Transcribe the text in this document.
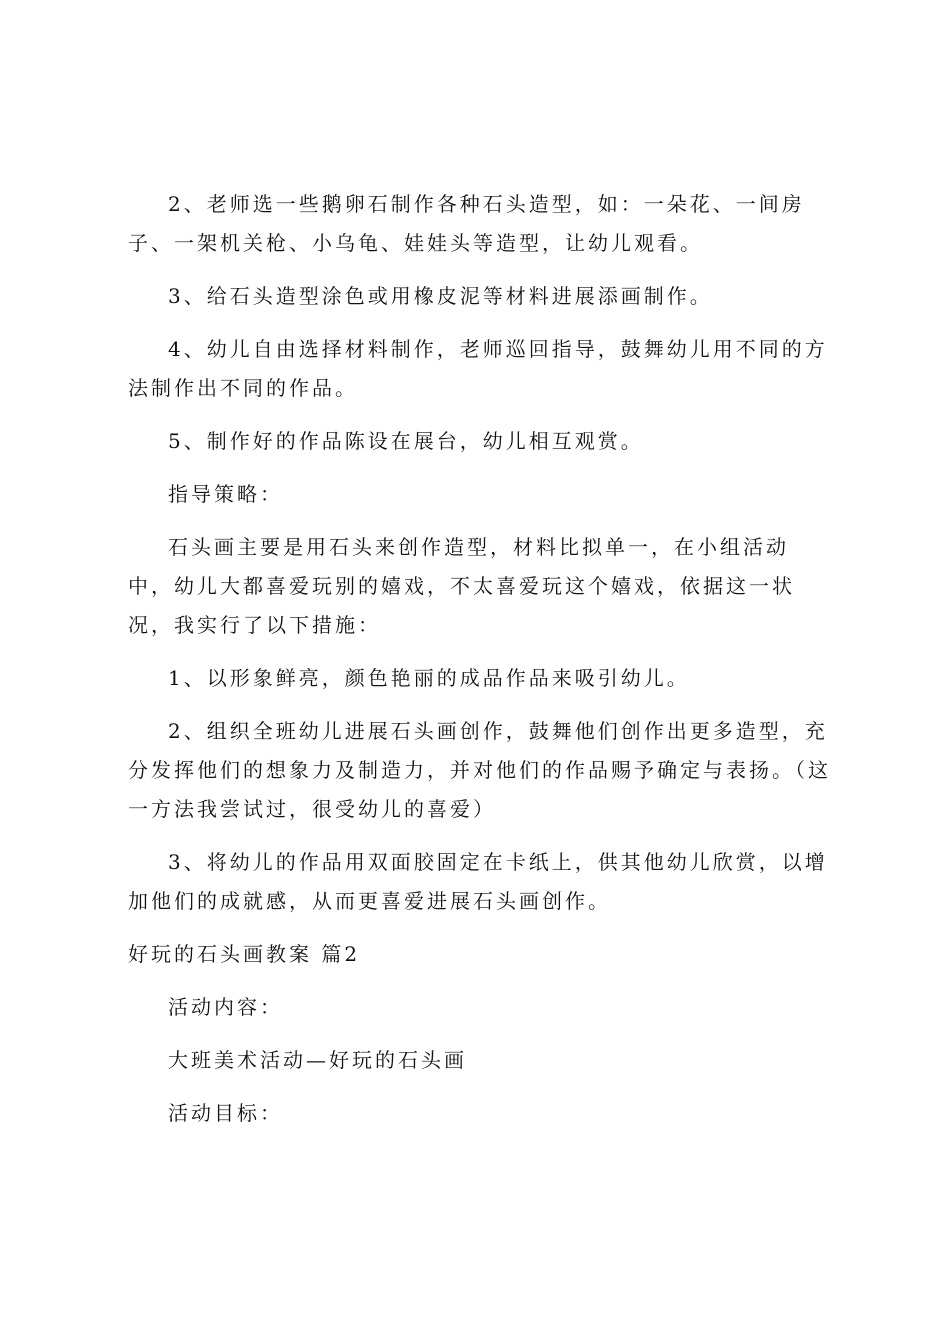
2、老师选一些鹅卵石制作各种石头造型，如：一朵花、一间房子、一架机关枪、小乌龟、娃娃头等造型，让幼儿观看。

3、给石头造型涂色或用橡皮泥等材料进展添画制作。

4、幼儿自由选择材料制作，老师巡回指导，鼓舞幼儿用不同的方法制作出不同的作品。

5、制作好的作品陈设在展台，幼儿相互观赏。

指导策略：

石头画主要是用石头来创作造型，材料比拟单一，在小组活动中，幼儿大都喜爱玩别的嬉戏，不太喜爱玩这个嬉戏，依据这一状况，我实行了以下措施：

1、以形象鲜亮，颜色艳丽的成品作品来吸引幼儿。

2、组织全班幼儿进展石头画创作，鼓舞他们创作出更多造型，充分发挥他们的想象力及制造力，并对他们的作品赐予确定与表扬。（这一方法我尝试过，很受幼儿的喜爱）

3、将幼儿的作品用双面胶固定在卡纸上，供其他幼儿欣赏，以增加他们的成就感，从而更喜爱进展石头画创作。

好玩的石头画教案 篇2

活动内容：

大班美术活动—好玩的石头画

活动目标：
